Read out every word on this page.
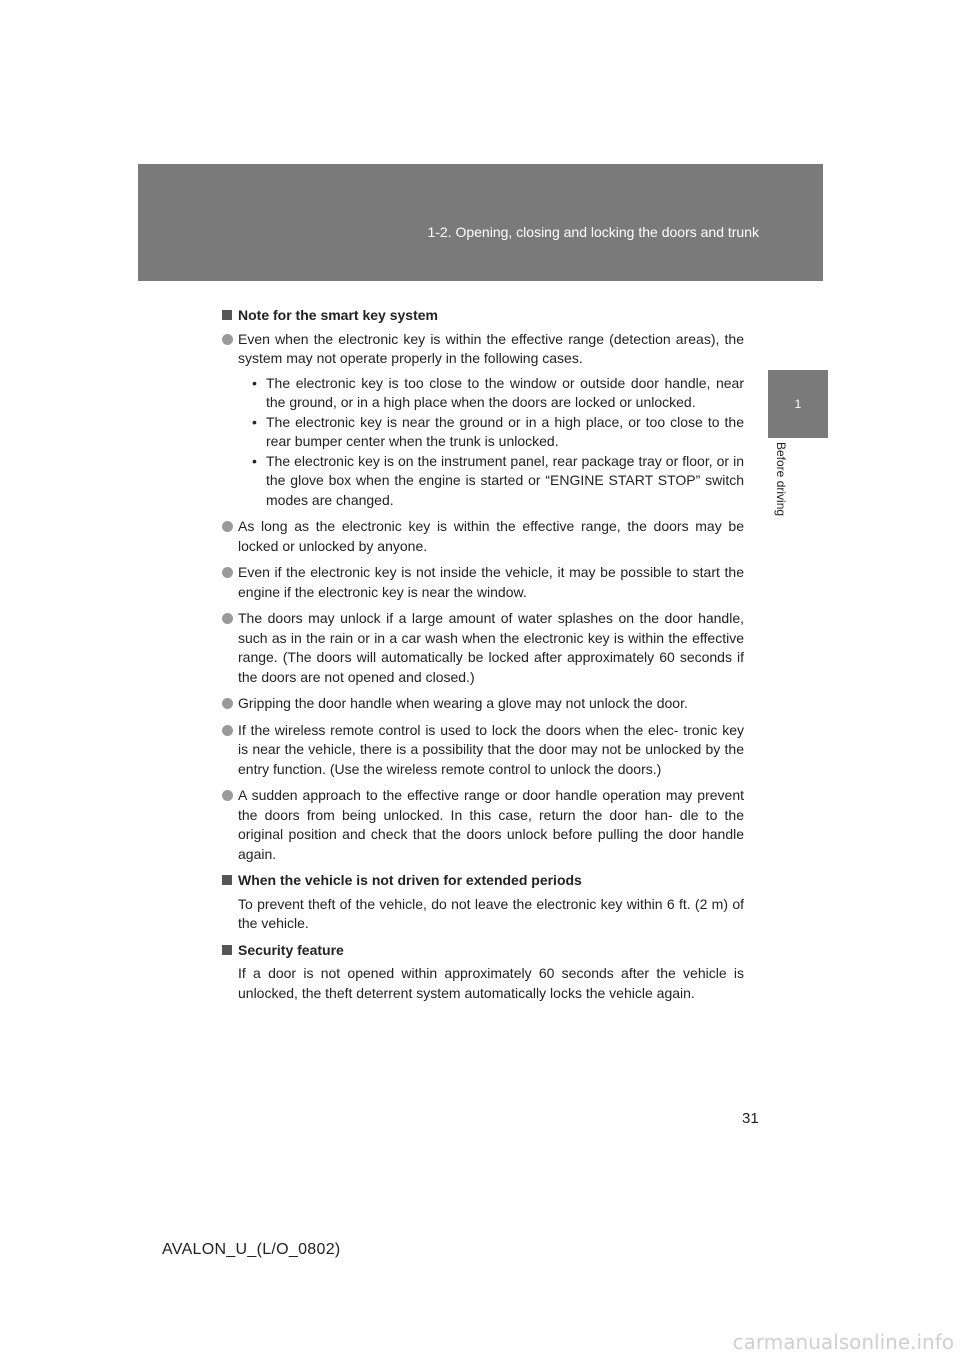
1-2. Opening, closing and locking the doors and trunk
1
Before driving
Note for the smart key system
Even when the electronic key is within the effective range (detection areas), the system may not operate properly in the following cases.
• The electronic key is too close to the window or outside door handle, near the ground, or in a high place when the doors are locked or unlocked.
• The electronic key is near the ground or in a high place, or too close to the rear bumper center when the trunk is unlocked.
• The electronic key is on the instrument panel, rear package tray or floor, or in the glove box when the engine is started or “ENGINE START STOP” switch modes are changed.
As long as the electronic key is within the effective range, the doors may be locked or unlocked by anyone.
Even if the electronic key is not inside the vehicle, it may be possible to start the engine if the electronic key is near the window.
The doors may unlock if a large amount of water splashes on the door handle, such as in the rain or in a car wash when the electronic key is within the effective range. (The doors will automatically be locked after approximately 60 seconds if the doors are not opened and closed.)
Gripping the door handle when wearing a glove may not unlock the door.
If the wireless remote control is used to lock the doors when the elec- tronic key is near the vehicle, there is a possibility that the door may not be unlocked by the entry function. (Use the wireless remote control to unlock the doors.)
A sudden approach to the effective range or door handle operation may prevent the doors from being unlocked. In this case, return the door han- dle to the original position and check that the doors unlock before pulling the door handle again.
When the vehicle is not driven for extended periods
To prevent theft of the vehicle, do not leave the electronic key within 6 ft. (2 m) of the vehicle.
Security feature
If a door is not opened within approximately 60 seconds after the vehicle is unlocked, the theft deterrent system automatically locks the vehicle again.
31
AVALON_U_(L/O_0802)
carmanualsonline.info
